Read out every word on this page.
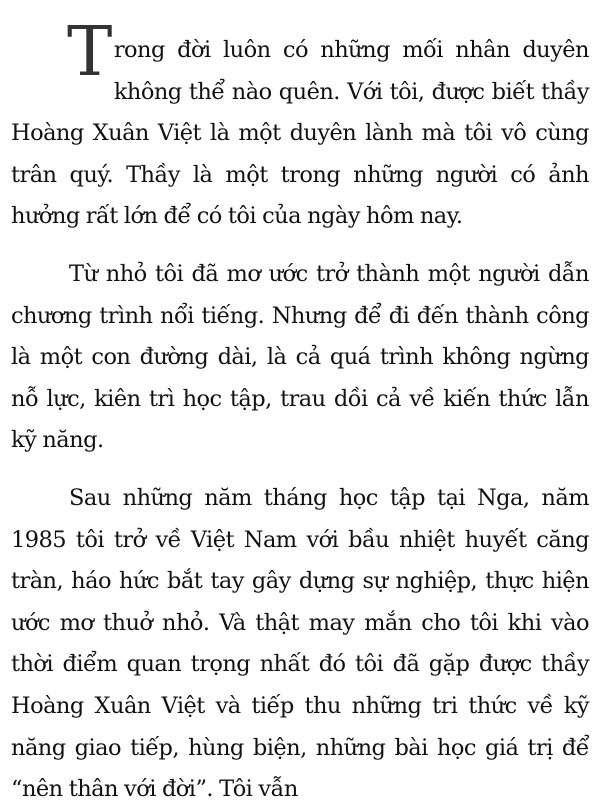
Trong đời luôn có những mối nhân duyên không thể nào quên. Với tôi, được biết thầy Hoàng Xuân Việt là một duyên lành mà tôi vô cùng trân quý. Thầy là một trong những người có ảnh hưởng rất lớn để có tôi của ngày hôm nay.

Từ nhỏ tôi đã mơ ước trở thành một người dẫn chương trình nổi tiếng. Nhưng để đi đến thành công là một con đường dài, là cả quá trình không ngừng nỗ lực, kiên trì học tập, trau dồi cả về kiến thức lẫn kỹ năng.

Sau những năm tháng học tập tại Nga, năm 1985 tôi trở về Việt Nam với bầu nhiệt huyết căng tràn, háo hức bắt tay gây dựng sự nghiệp, thực hiện ước mơ thuở nhỏ. Và thật may mắn cho tôi khi vào thời điểm quan trọng nhất đó tôi đã gặp được thầy Hoàng Xuân Việt và tiếp thu những tri thức về kỹ năng giao tiếp, hùng biện, những bài học giá trị để “nên thân với đời”. Tôi vẫn
